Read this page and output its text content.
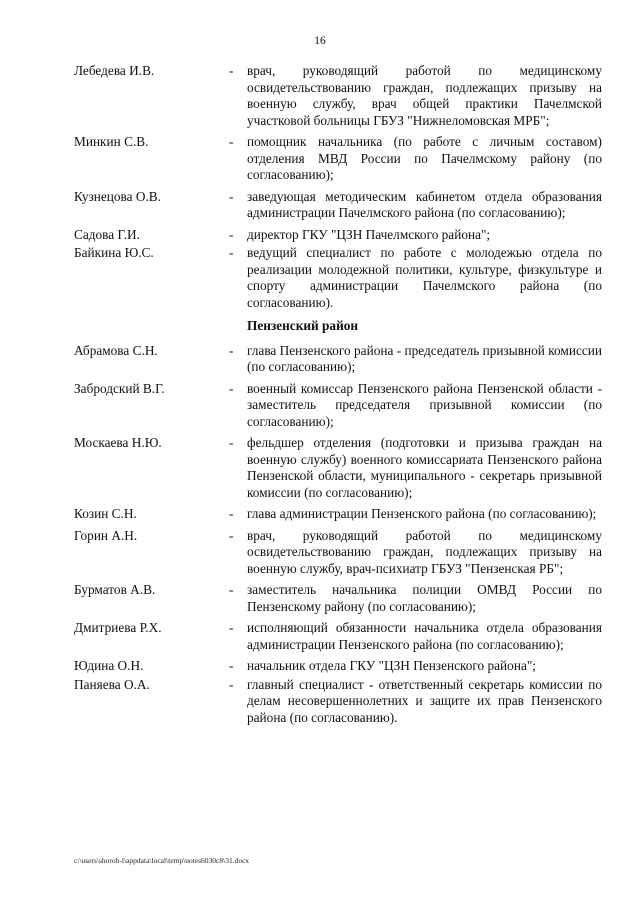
16
Лебедева И.В.	-	врач, руководящий работой по медицинскому освидетельствованию граждан, подлежащих призыву на военную службу, врач общей практики Пачелмской участковой больницы ГБУЗ "Нижнеломовская МРБ";
Минкин С.В.	-	помощник начальника (по работе с личным составом) отделения МВД России по Пачелмскому району (по согласованию);
Кузнецова О.В.	-	заведующая методическим кабинетом отдела образования администрации Пачелмского района (по согласованию);
Садова Г.И.	-	директор ГКУ "ЦЗН Пачелмского района";
Байкина Ю.С.	-	ведущий специалист по работе с молодежью отдела по реализации молодежной политики, культуре, физкультуре и спорту администрации Пачелмского района (по согласованию).
Пензенский район
Абрамова С.Н.	-	глава Пензенского района - председатель призывной комиссии (по согласованию);
Забродский В.Г.	-	военный комиссар Пензенского района Пензенской области - заместитель председателя призывной комиссии (по согласованию);
Москаева Н.Ю.	-	фельдшер отделения (подготовки и призыва граждан на военную службу) военного комиссариата Пензенского района Пензенской области, муниципального - секретарь призывной комиссии (по согласованию);
Козин С.Н.	-	глава администрации Пензенского района (по согласованию);
Горин А.Н.	-	врач, руководящий работой по медицинскому освидетельствованию граждан, подлежащих призыву на военную службу, врач-психиатр ГБУЗ "Пензенская РБ";
Бурматов А.В.	-	заместитель начальника полиции ОМВД России по Пензенскому району (по согласованию);
Дмитриева Р.Х.	-	исполняющий обязанности начальника отдела образования администрации Пензенского района (по согласованию);
Юдина О.Н.	-	начальник отдела ГКУ "ЦЗН Пензенского района";
Паняева О.А.	-	главный специалист - ответственный секретарь комиссии по делам несовершеннолетних и защите их прав Пензенского района (по согласованию).
c:\users\shoroh-l\appdata\local\temp\notes6030c8\31.docx
